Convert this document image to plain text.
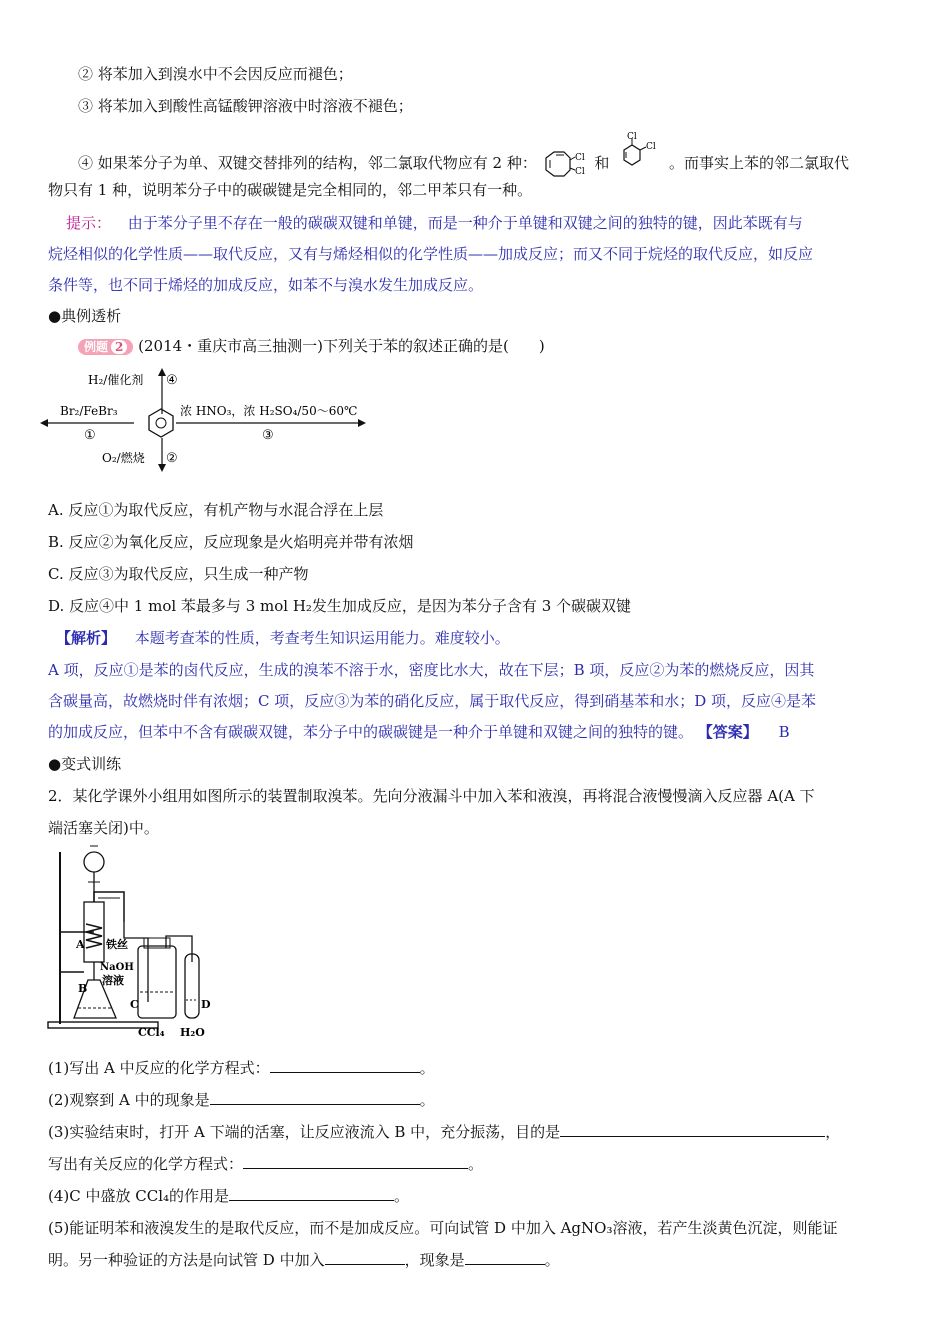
② 将苯加入到溴水中不会因反应而褪色；
③ 将苯加入到酸性高锰酸钾溶液中时溶液不褪色；
④ 如果苯分子为单、双键交替排列的结构，邻二氯取代物应有 2 种：	Cl
Cl 和
Cl
Cl
。而事实上苯的邻二氯取代
物只有 1 种，说明苯分子中的碳碳键是完全相同的，邻二甲苯只有一种。
提示： 由于苯分子里不存在一般的碳碳双键和单键，而是一种介于单键和双键之间的独特的键，因此苯既有与
烷烃相似的化学性质——取代反应，又有与烯烃相似的化学性质——加成反应；而又不同于烷烃的取代反应，如反应
条件等，也不同于烯烃的加成反应，如苯不与溴水发生加成反应。
●典例透析
例题 2 (2014・重庆市高三抽测一)下列关于苯的叙述正确的是(　　)
H₂/催化剂 ④
Br₂/FeBr₃
①
浓 HNO₃，浓 H₂SO₄/50～60℃
③
O₂/燃烧 ②
A. 反应①为取代反应，有机产物与水混合浮在上层
B. 反应②为氧化反应，反应现象是火焰明亮并带有浓烟
C. 反应③为取代反应，只生成一种产物
D. 反应④中 1 mol 苯最多与 3 mol H₂发生加成反应，是因为苯分子含有 3 个碳碳双键
【解析】 本题考查苯的性质，考查考生知识运用能力。难度较小。
A 项，反应①是苯的卤代反应，生成的溴苯不溶于水，密度比水大，故在下层；B 项，反应②为苯的燃烧反应，因其
含碳量高，故燃烧时伴有浓烟；C 项，反应③为苯的硝化反应，属于取代反应，得到硝基苯和水；D 项，反应④是苯
的加成反应，但苯中不含有碳碳双键，苯分子中的碳碳键是一种介于单键和双键之间的独特的键。 【答案】 B
●变式训练
2．某化学课外小组用如图所示的装置制取溴苯。先向分液漏斗中加入苯和液溴，再将混合液慢慢滴入反应器 A(A 下
端活塞关闭)中。
A 铁丝
NaOH
溶液
B
C	D
CCl₄ H₂O
(1)写出 A 中反应的化学方程式：	。
(2)观察到 A 中的现象是	。
(3)实验结束时，打开 A 下端的活塞，让反应液流入 B 中，充分振荡，目的是	，
写出有关反应的化学方程式：	。
(4)C 中盛放 CCl₄的作用是	。
(5)能证明苯和液溴发生的是取代反应，而不是加成反应。可向试管 D 中加入 AgNO₃溶液，若产生淡黄色沉淀，则能证
明。另一种验证的方法是向试管 D 中加入	，现象是	。
